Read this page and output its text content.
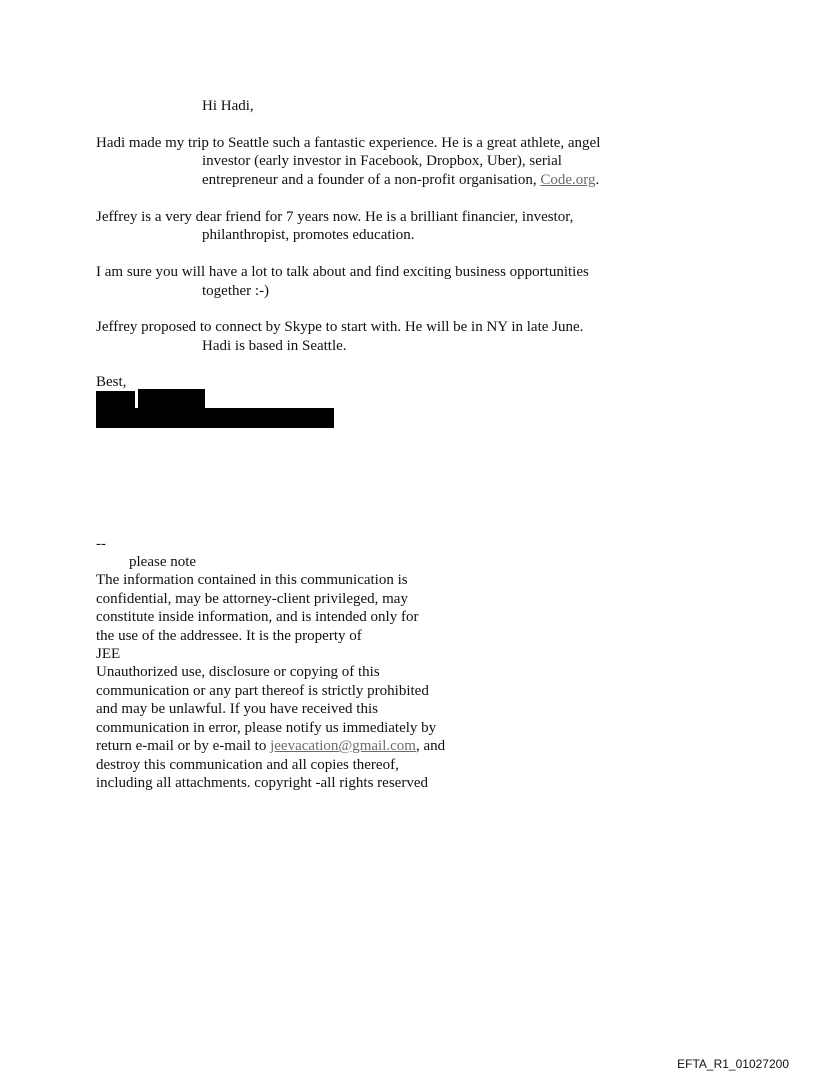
Hi Hadi,
Hadi made my trip to Seattle such a fantastic experience. He is a great athlete, angel
investor (early investor in Facebook, Dropbox, Uber), serial
entrepreneur and a founder of a non-profit organisation, Code.org.
Jeffrey is a very dear friend for 7 years now. He is a brilliant financier, investor,
philanthropist, promotes education.
I am sure you will have a lot to talk about and find exciting business opportunities
together :-)
Jeffrey proposed to connect by Skype to start with. He will be in NY in late June.
Hadi is based in Seattle.
Best,
--
please note
The information contained in this communication is
confidential, may be attorney-client privileged, may
constitute inside information, and is intended only for
the use of the addressee. It is the property of
JEE
Unauthorized use, disclosure or copying of this
communication or any part thereof is strictly prohibited
and may be unlawful. If you have received this
communication in error, please notify us immediately by
return e-mail or by e-mail to jeevacation@gmail.com, and
destroy this communication and all copies thereof,
including all attachments. copyright -all rights reserved
EFTA_R1_01027200
